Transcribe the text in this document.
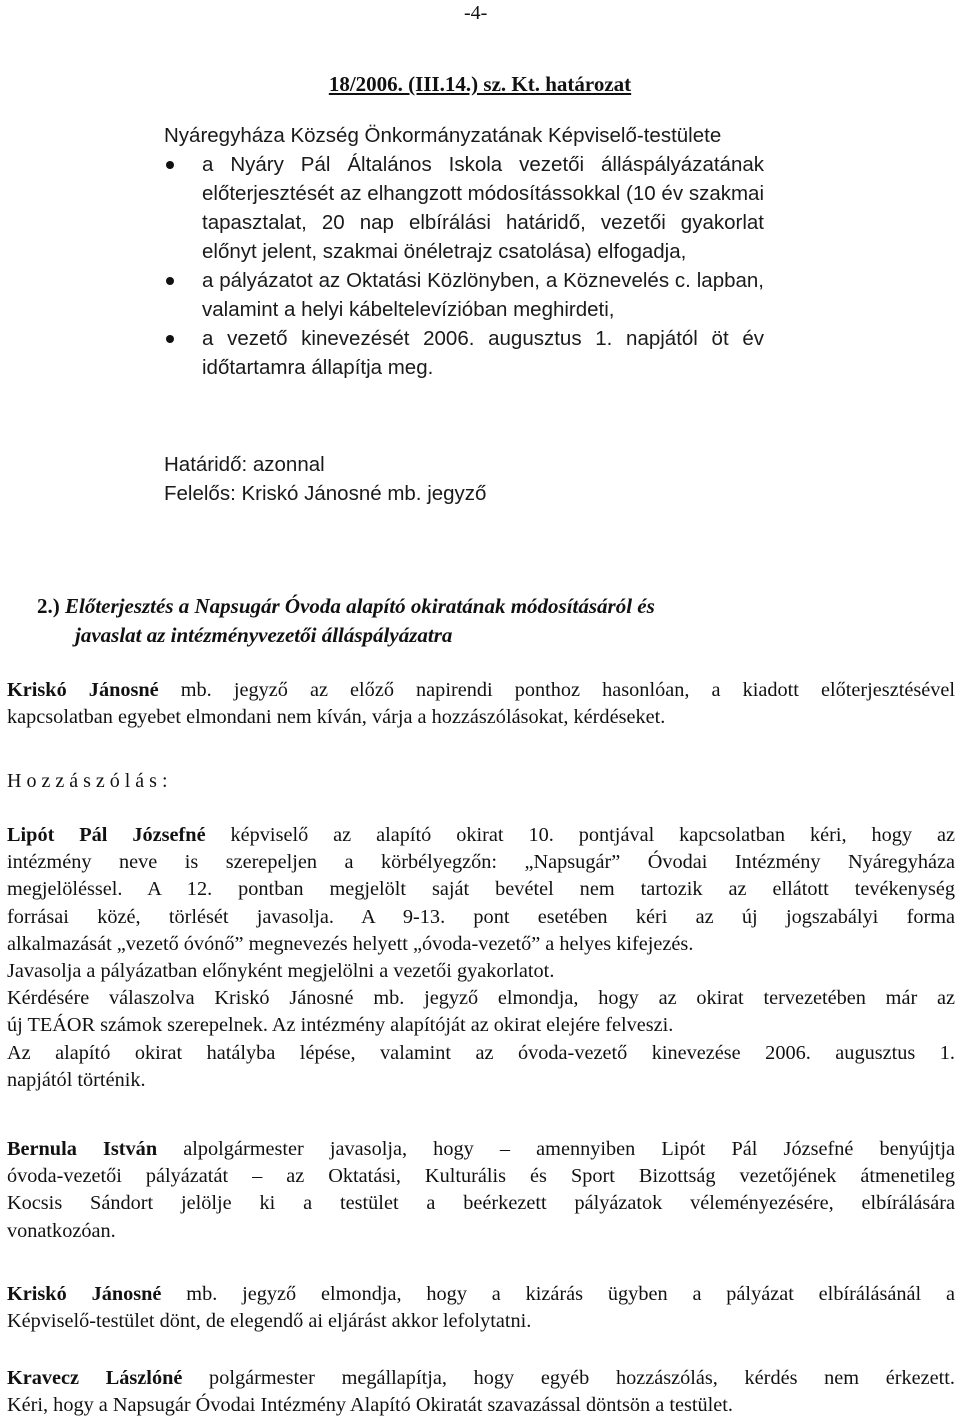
-4-
18/2006. (III.14.) sz. Kt. határozat
Nyáregyháza Község Önkormányzatának Képviselő-testülete
a Nyáry Pál Általános Iskola vezetői álláspályázatának előterjesztését az elhangzott módosítássokkal (10 év szakmai tapasztalat, 20 nap elbírálási határidő, vezetői gyakorlat előnyt jelent, szakmai önéletrajz csatolása) elfogadja,
a pályázatot az Oktatási Közlönyben, a Köznevelés c. lapban, valamint a helyi kábeltelevízióban meghirdeti,
a vezető kinevezését 2006. augusztus 1. napjától öt év időtartamra állapítja meg.
Határidő: azonnal
Felelős: Kriskó Jánosné mb. jegyző
2.) Előterjesztés a Napsugár Óvoda alapító okiratának módosításáról és
javaslat az intézményvezetői álláspályázatra
Kriskó Jánosné mb. jegyző az előző napirendi ponthoz hasonlóan, a kiadott előterjesztésével
kapcsolatban egyebet elmondani nem kíván, várja a hozzászólásokat, kérdéseket.
Hozzászólás:
Lipót Pál Józsefné képviselő az alapító okirat 10. pontjával kapcsolatban kéri, hogy az
intézmény neve is szerepeljen a körbélyegzőn: „Napsugár” Óvodai Intézmény Nyáregyháza
megjelöléssel. A 12. pontban megjelölt saját bevétel nem tartozik az ellátott tevékenység
forrásai közé, törlését javasolja. A 9-13. pont esetében kéri az új jogszabályi forma
alkalmazását „vezető óvónő” megnevezés helyett „óvoda-vezető” a helyes kifejezés.
Javasolja a pályázatban előnyként megjelölni a vezetői gyakorlatot.
Kérdésére válaszolva Kriskó Jánosné mb. jegyző elmondja, hogy az okirat tervezetében már az
új TEÁOR számok szerepelnek. Az intézmény alapítóját az okirat elejére felveszi.
Az alapító okirat hatályba lépése, valamint az óvoda-vezető kinevezése 2006. augusztus 1.
napjától történik.
Bernula István alpolgármester javasolja, hogy – amennyiben Lipót Pál Józsefné benyújtja
óvoda-vezetői pályázatát – az Oktatási, Kulturális és Sport Bizottság vezetőjének átmenetileg
Kocsis Sándort jelölje ki a testület a beérkezett pályázatok véleményezésére, elbírálására
vonatkozóan.
Kriskó Jánosné mb. jegyző elmondja, hogy a kizárás ügyben a pályázat elbírálásánál a
Képviselő-testület dönt, de elegendő ai eljárást akkor lefolytatni.
Kravecz Lászlóné polgármester megállapítja, hogy egyéb hozzászólás, kérdés nem érkezett.
Kéri, hogy a Napsugár Óvodai Intézmény Alapító Okiratát szavazással döntsön a testület.
